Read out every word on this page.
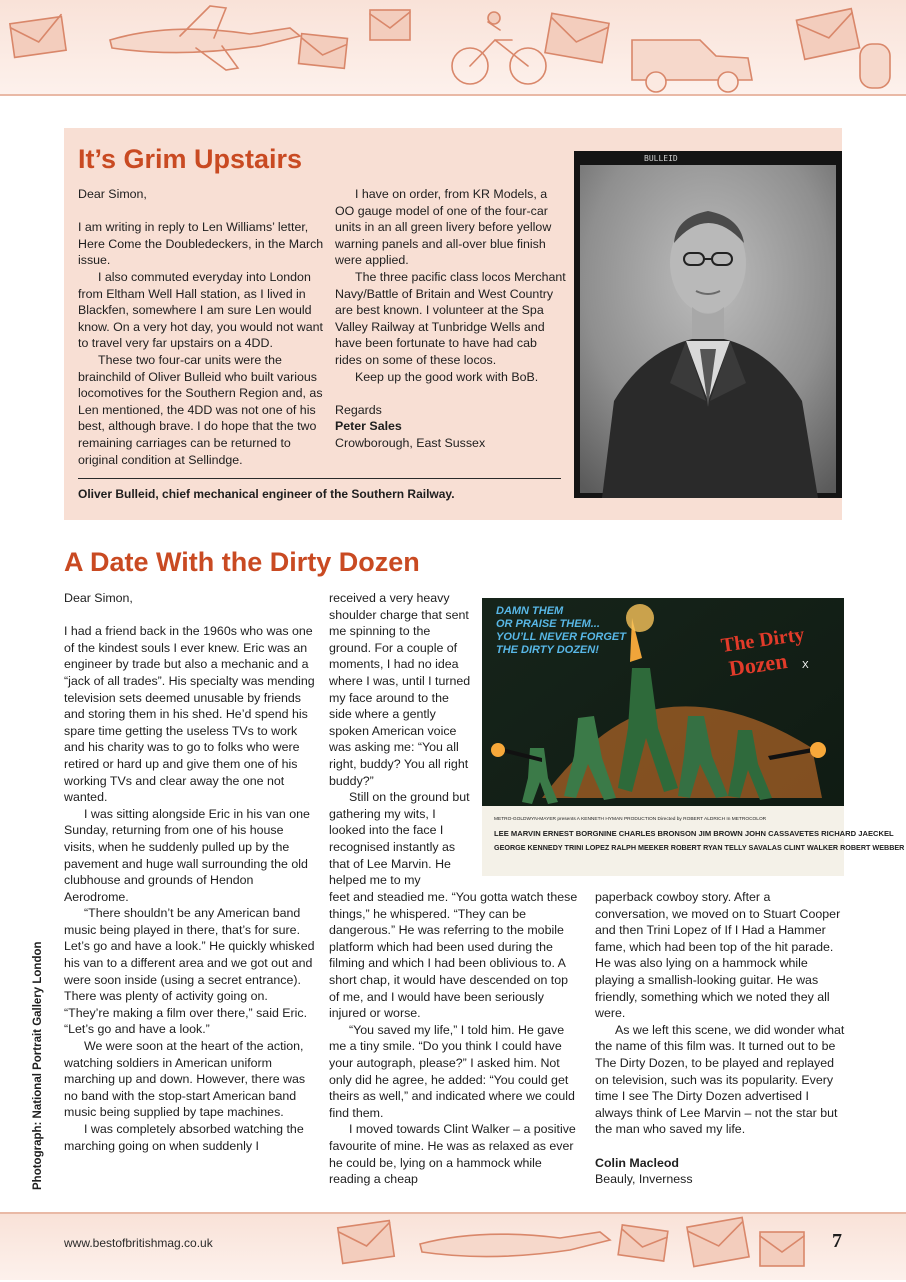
It’s Grim Upstairs

Dear Simon,

I am writing in reply to Len Williams’ letter, Here Come the Doubledeckers, in the March issue.

I also commuted everyday into London from Eltham Well Hall station, as I lived in Blackfen, somewhere I am sure Len would know. On a very hot day, you would not want to travel very far upstairs on a 4DD.

These two four-car units were the brainchild of Oliver Bulleid who built various locomotives for the Southern Region and, as Len mentioned, the 4DD was not one of his best, although brave. I do hope that the two remaining carriages can be returned to original condition at Sellindge.

I have on order, from KR Models, a OO gauge model of one of the four-car units in an all green livery before yellow warning panels and all-over blue finish were applied.

The three pacific class locos Merchant Navy/Battle of Britain and West Country are best known. I volunteer at the Spa Valley Railway at Tunbridge Wells and have been fortunate to have had cab rides on some of these locos.

Keep up the good work with BoB.

Regards

Peter Sales

Crowborough, East Sussex

Oliver Bulleid, chief mechanical engineer of the Southern Railway.
BULLEID
A Date With the Dirty Dozen

Dear Simon,

I had a friend back in the 1960s who was one of the kindest souls I ever knew. Eric was an engineer by trade but also a mechanic and a “jack of all trades”. His specialty was mending television sets deemed unusable by friends and storing them in his shed. He’d spend his spare time getting the useless TVs to work and his charity was to go to folks who were retired or hard up and give them one of his working TVs and clear away the one not wanted.

I was sitting alongside Eric in his van one Sunday, returning from one of his house visits, when he suddenly pulled up by the pavement and huge wall surrounding the old clubhouse and grounds of Hendon Aerodrome.

“There shouldn’t be any American band music being played in there, that’s for sure. Let’s go and have a look.” He quickly whisked his van to a different area and we got out and were soon inside (using a secret entrance). There was plenty of activity going on. “They’re making a film over there,” said Eric. “Let’s go and have a look.”

We were soon at the heart of the action, watching soldiers in American uniform marching up and down. However, there was no band with the stop-start American band music being supplied by tape machines.

I was completely absorbed watching the marching going on when suddenly I

received a very heavy shoulder charge that sent me spinning to the ground. For a couple of moments, I had no idea where I was, until I turned my face around to the side where a gently spoken American voice was asking me: “You all right, buddy? You all right buddy?”

Still on the ground but gathering my wits, I looked into the face I recognised instantly as that of Lee Marvin. He helped me to my

feet and steadied me. “You gotta watch these things,” he whispered. “They can be dangerous.” He was referring to the mobile platform which had been used during the filming and which I had been oblivious to. A short chap, it would have descended on top of me, and I would have been seriously injured or worse.

“You saved my life,” I told him. He gave me a tiny smile. “Do you think I could have your autograph, please?” I asked him. Not only did he agree, he added: “You could get theirs as well,” and indicated where we could find them.

I moved towards Clint Walker – a positive favourite of mine. He was as relaxed as ever he could be, lying on a hammock while reading a cheap

paperback cowboy story. After a conversation, we moved on to Stuart Cooper and then Trini Lopez of If I Had a Hammer fame, which had been top of the hit parade. He was also lying on a hammock while playing a smallish-looking guitar. He was friendly, something which we noted they all were.

As we left this scene, we did wonder what the name of this film was. It turned out to be The Dirty Dozen, to be played and replayed on television, such was its popularity. Every time I see The Dirty Dozen advertised I always think of Lee Marvin – not the star but the man who saved my life.

Colin Macleod

Beauly, Inverness

DAMN THEM
OR PRAISE THEM...
YOU’LL NEVER FORGET
THE DIRTY DOZEN!	The Dirty
Dozen X
METRO-GOLDWYN-MAYER presents A KENNETH HYMAN PRODUCTION Directed by ROBERT ALDRICH In METROCOLOR
LEE MARVIN ERNEST BORGNINE CHARLES BRONSON JIM BROWN JOHN CASSAVETES RICHARD JAECKEL
GEORGE KENNEDY TRINI LOPEZ RALPH MEEKER ROBERT RYAN TELLY SAVALAS CLINT WALKER ROBERT WEBBER
Photograph: National Portrait Gallery London
www.bestofbritishmag.co.uk	7
